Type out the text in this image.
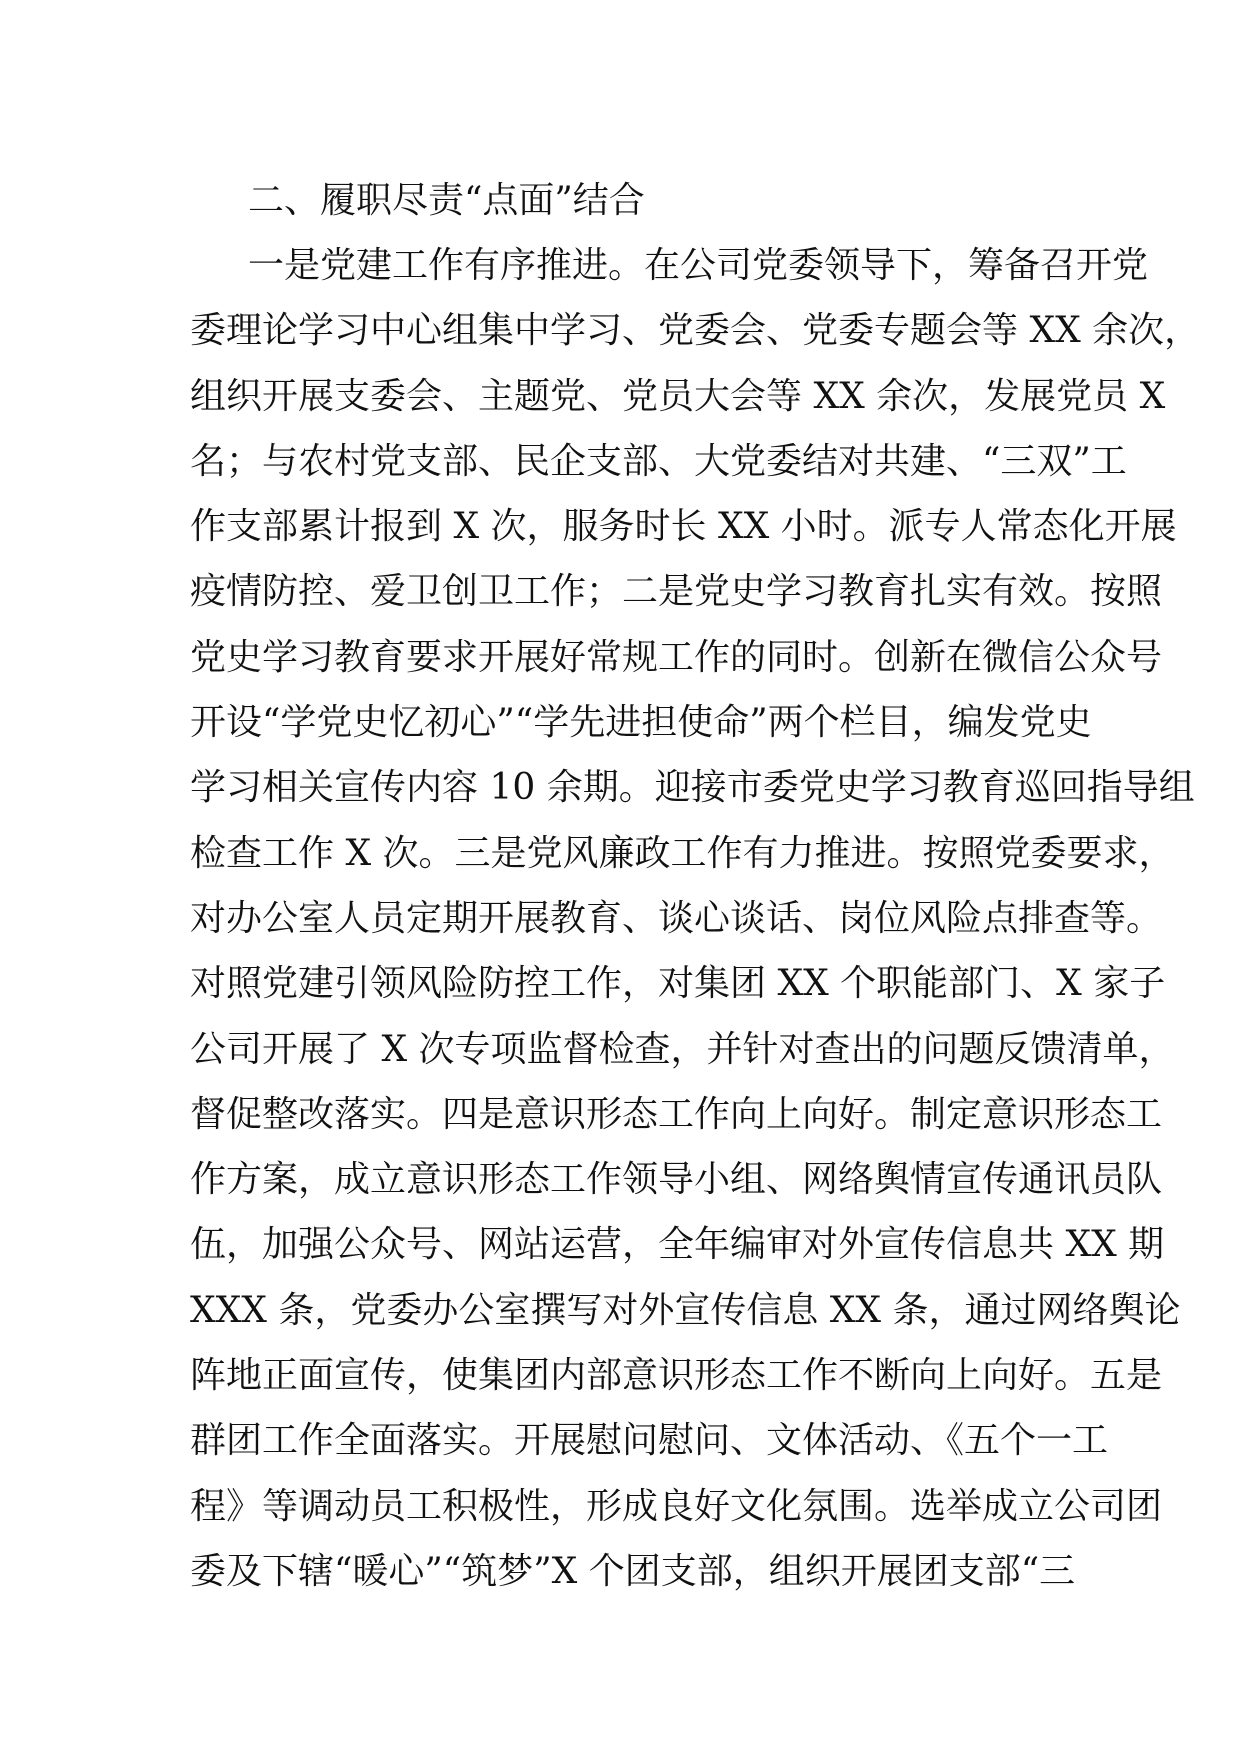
二、履职尽责“点面”结合

一是党建工作有序推进。在公司党委领导下，筹备召开党

委理论学习中心组集中学习、党委会、党委专题会等 XX 余次，

组织开展支委会、主题党、党员大会等 XX 余次，发展党员 X

名；与农村党支部、民企支部、大党委结对共建、“三双”工

作支部累计报到 X 次，服务时长 XX 小时。派专人常态化开展

疫情防控、爱卫创卫工作；二是党史学习教育扎实有效。按照

党史学习教育要求开展好常规工作的同时。创新在微信公众号

开设“学党史忆初心”“学先进担使命”两个栏目，编发党史

学习相关宣传内容 10 余期。迎接市委党史学习教育巡回指导组

检查工作 X 次。三是党风廉政工作有力推进。按照党委要求，

对办公室人员定期开展教育、谈心谈话、岗位风险点排查等。

对照党建引领风险防控工作，对集团 XX 个职能部门、X 家子

公司开展了 X 次专项监督检查，并针对查出的问题反馈清单，

督促整改落实。四是意识形态工作向上向好。制定意识形态工

作方案，成立意识形态工作领导小组、网络舆情宣传通讯员队

伍，加强公众号、网站运营，全年编审对外宣传信息共 XX 期

XXX 条，党委办公室撰写对外宣传信息 XX 条，通过网络舆论

阵地正面宣传，使集团内部意识形态工作不断向上向好。五是

群团工作全面落实。开展慰问慰问、文体活动、《五个一工

程》等调动员工积极性，形成良好文化氛围。选举成立公司团

委及下辖“暖心”“筑梦”X 个团支部，组织开展团支部“三
